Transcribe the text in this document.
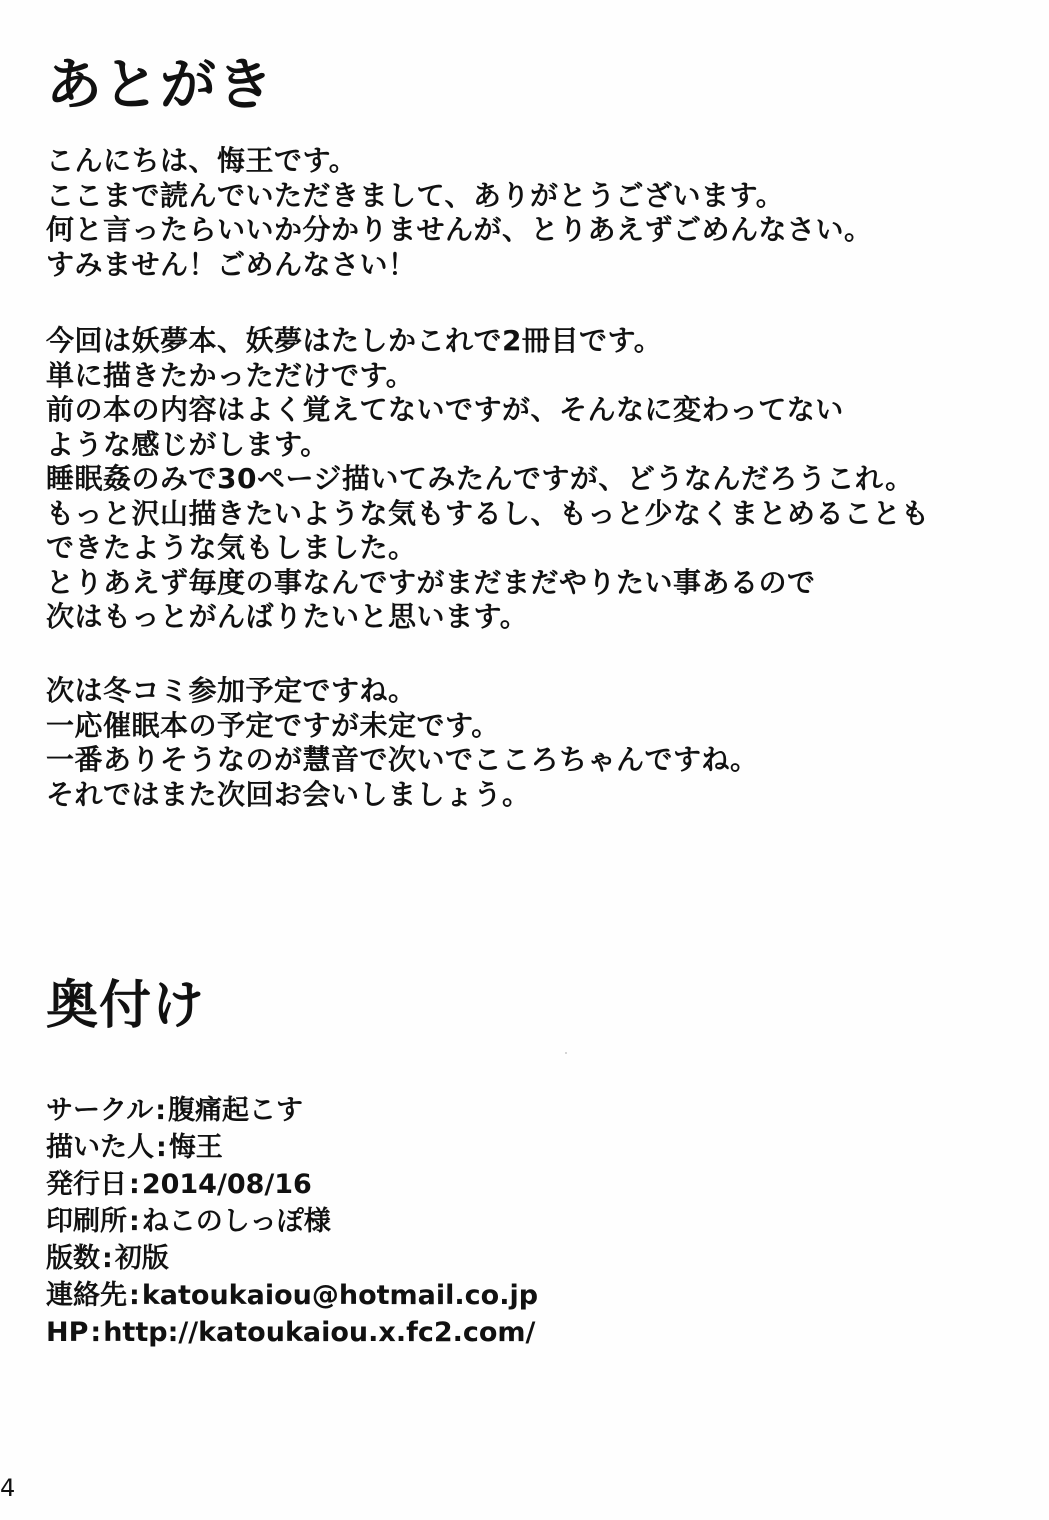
あとがき

こんにちは、悔王です。
ここまで読んでいただきまして、ありがとうございます。
何と言ったらいいか分かりませんが、とりあえずごめんなさい。
すみません！ごめんなさい！

今回は妖夢本、妖夢はたしかこれで2冊目です。
単に描きたかっただけです。
前の本の内容はよく覚えてないですが、そんなに変わってない
ような感じがします。
睡眠姦のみで30ページ描いてみたんですが、どうなんだろうこれ。
もっと沢山描きたいような気もするし、もっと少なくまとめることも
できたような気もしました。
とりあえず毎度の事なんですがまだまだやりたい事あるので
次はもっとがんばりたいと思います。

次は冬コミ参加予定ですね。
一応催眠本の予定ですが未定です。
一番ありそうなのが慧音で次いでこころちゃんですね。
それではまた次回お会いしましょう。

奥付け
サークル:腹痛起こす
描いた人:悔王
発行日:2014/08/16
印刷所:ねこのしっぽ様
版数:初版
連絡先:katoukaiou@hotmail.co.jp
HP:http://katoukaiou.x.fc2.com/
4
